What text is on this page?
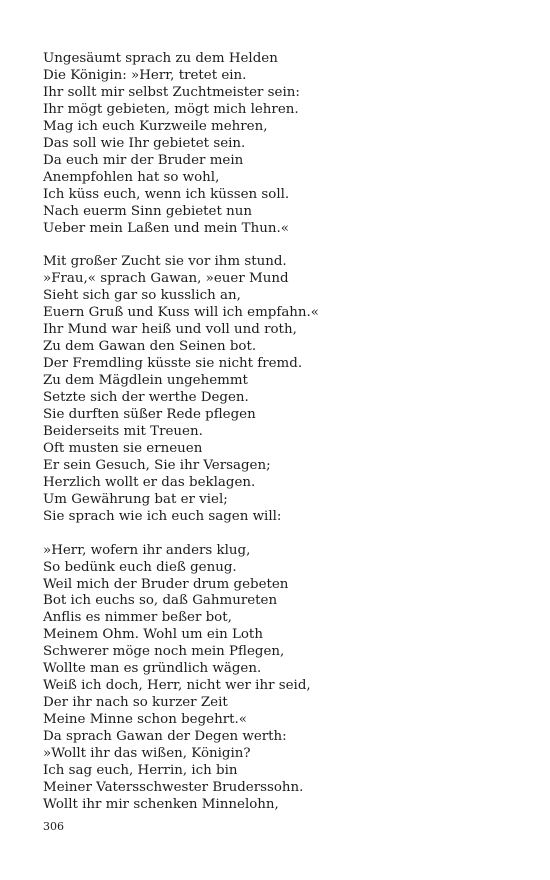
Ungesäumt sprach zu dem Helden
Die Königin: »Herr, tretet ein.
Ihr sollt mir selbst Zuchtmeister sein:
Ihr mögt gebieten, mögt mich lehren.
Mag ich euch Kurzweile mehren,
Das soll wie Ihr gebietet sein.
Da euch mir der Bruder mein
Anempfohlen hat so wohl,
Ich küss euch, wenn ich küssen soll.
Nach euerm Sinn gebietet nun
Ueber mein Laßen und mein Thun.«
Mit großer Zucht sie vor ihm stund.
»Frau,« sprach Gawan, »euer Mund
Sieht sich gar so kusslich an,
Euern Gruß und Kuss will ich empfahn.«
Ihr Mund war heiß und voll und roth,
Zu dem Gawan den Seinen bot.
Der Fremdling küsste sie nicht fremd.
Zu dem Mägdlein ungehemmt
Setzte sich der werthe Degen.
Sie durften süßer Rede pflegen
Beiderseits mit Treuen.
Oft musten sie erneuen
Er sein Gesuch, Sie ihr Versagen;
Herzlich wollt er das beklagen.
Um Gewährung bat er viel;
Sie sprach wie ich euch sagen will:
»Herr, wofern ihr anders klug,
So bedünk euch dieß genug.
Weil mich der Bruder drum gebeten
Bot ich euchs so, daß Gahmureten
Anflis es nimmer beßer bot,
Meinem Ohm. Wohl um ein Loth
Schwerer möge noch mein Pflegen,
Wollte man es gründlich wägen.
Weiß ich doch, Herr, nicht wer ihr seid,
Der ihr nach so kurzer Zeit
Meine Minne schon begehrt.«
Da sprach Gawan der Degen werth:
»Wollt ihr das wißen, Königin?
Ich sag euch, Herrin, ich bin
Meiner Vatersschwester Bruderssohn.
Wollt ihr mir schenken Minnelohn,
306
